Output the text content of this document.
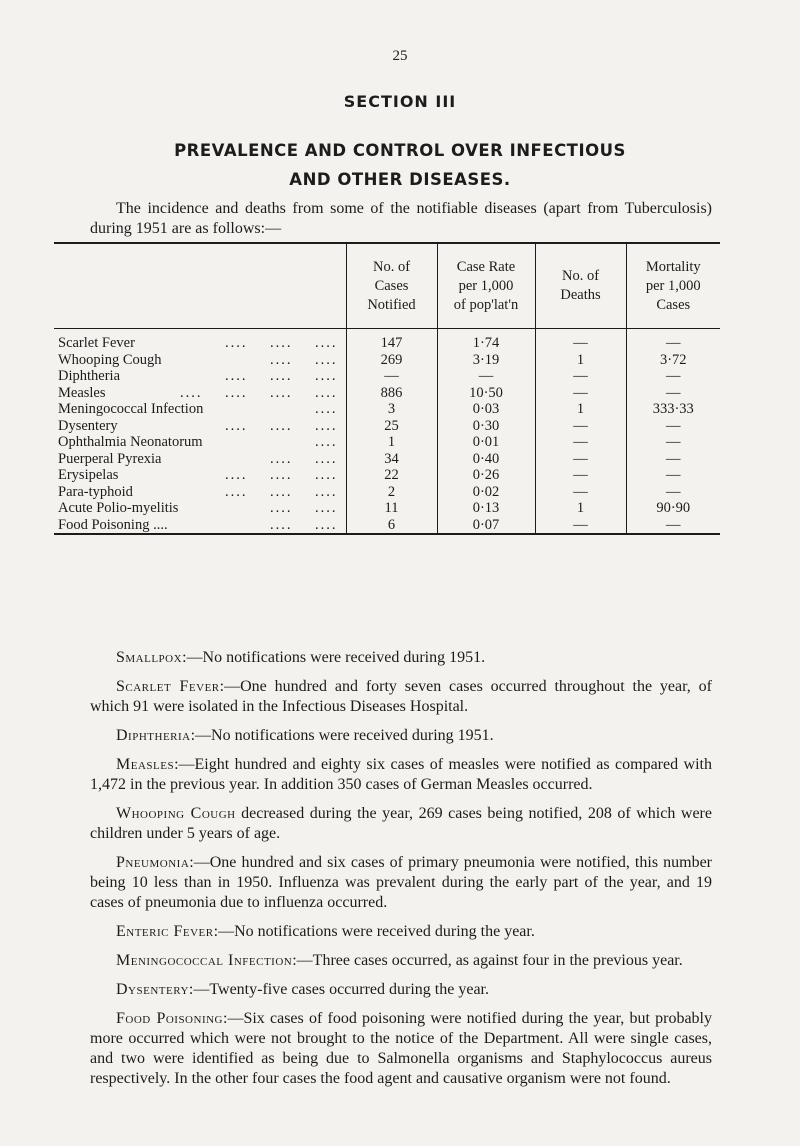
25
SECTION III
PREVALENCE AND CONTROL OVER INFECTIOUS
AND OTHER DISEASES.
The incidence and deaths from some of the notifiable diseases (apart from Tuberculosis) during 1951 are as follows:—
	No. of
Cases
Notified	Case Rate
per 1,000
of pop'lat'n	No. of
Deaths	Mortality
per 1,000
Cases
Scarlet Fever ....    ....    ....	147	1·74	—	—
Whooping Cough ....    ....	269	3·19	1	3·72
Diphtheria ....    ....    ....	—	—	—	—
Measles ....    ....    ....    ....	886	10·50	—	—
Meningococcal Infection ....	3	0·03	1	333·33
Dysentery ....    ....    ....	25	0·30	—	—
Ophthalmia Neonatorum ....	1	0·01	—	—
Puerperal Pyrexia ....    ....	34	0·40	—	—
Erysipelas ....    ....    ....	22	0·26	—	—
Para-typhoid ....    ....    ....	2	0·02	—	—
Acute Polio-myelitis ....    ....	11	0·13	1	90·90
Food Poisoning .... ....    ....	6	0·07	—	—

Smallpox:—No notifications were received during 1951.

Scarlet Fever:—One hundred and forty seven cases occurred throughout the year, of which 91 were isolated in the Infectious Diseases Hospital.

Diphtheria:—No notifications were received during 1951.

Measles:—Eight hundred and eighty six cases of measles were notified as compared with 1,472 in the previous year. In addition 350 cases of German Measles occurred.

Whooping Cough decreased during the year, 269 cases being notified, 208 of which were children under 5 years of age.

Pneumonia:—One hundred and six cases of primary pneumonia were notified, this number being 10 less than in 1950. Influenza was prevalent during the early part of the year, and 19 cases of pneumonia due to influenza occurred.

Enteric Fever:—No notifications were received during the year.

Meningococcal Infection:—Three cases occurred, as against four in the previous year.

Dysentery:—Twenty-five cases occurred during the year.

Food Poisoning:—Six cases of food poisoning were notified during the year, but probably more occurred which were not brought to the notice of the Department. All were single cases, and two were identified as being due to Salmonella organisms and Staphylococcus aureus respectively. In the other four cases the food agent and causative organism were not found.
